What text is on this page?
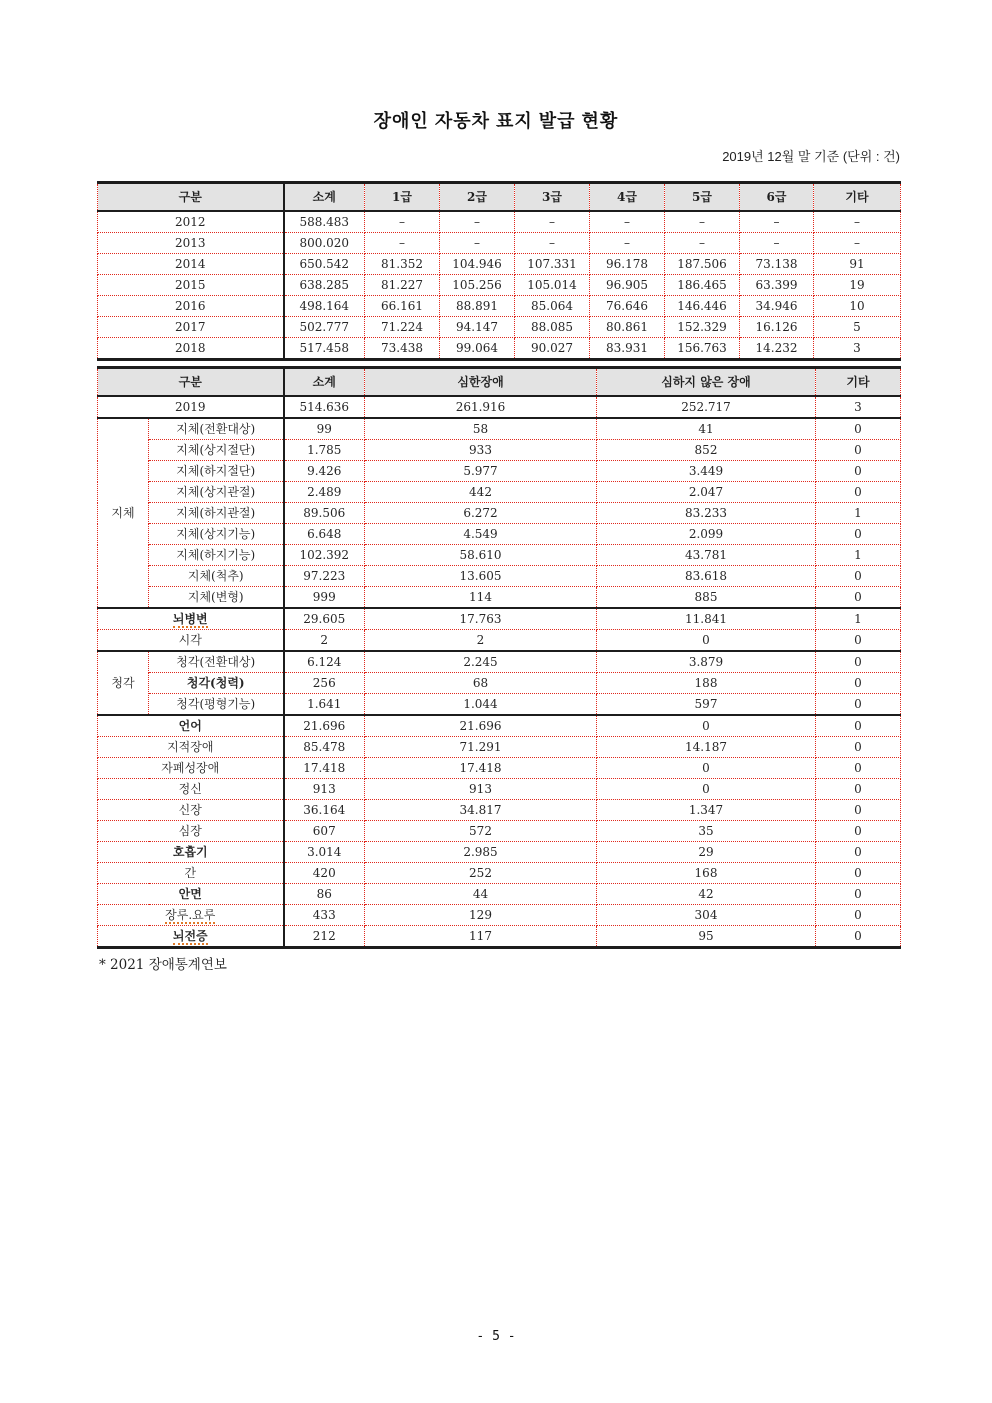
장애인 자동차 표지 발급 현황
2019년 12월 말 기준 (단위 : 건)
구분	소계	1급	2급	3급	4급	5급	6급	기타
2012	588.483	–	–	–	–	–	–	–
2013	800.020	–	–	–	–	–	–	–
2014	650.542	81.352	104.946	107.331	96.178	187.506	73.138	91
2015	638.285	81.227	105.256	105.014	96.905	186.465	63.399	19
2016	498.164	66.161	88.891	85.064	76.646	146.446	34.946	10
2017	502.777	71.224	94.147	88.085	80.861	152.329	16.126	5
2018	517.458	73.438	99.064	90.027	83.931	156.763	14.232	3
구분		소계	심한장애	심하지 않은 장애	기타
2019		514.636	261.916	252.717	3
지체	지체(전환대상)	99	58	41	0
	지체(상지절단)	1.785	933	852	0
	지체(하지절단)	9.426	5.977	3.449	0
	지체(상지관절)	2.489	442	2.047	0
	지체(하지관절)	89.506	6.272	83.233	1
	지체(상지기능)	6.648	4.549	2.099	0
	지체(하지기능)	102.392	58.610	43.781	1
	지체(척추)	97.223	13.605	83.618	0
	지체(변형)	999	114	885	0
뇌병변		29.605	17.763	11.841	1
시각		2	2	0	0
청각	청각(전환대상)	6.124	2.245	3.879	0
	청각(청력)	256	68	188	0
	청각(평형기능)	1.641	1.044	597	0
언어		21.696	21.696	0	0
지적장애		85.478	71.291	14.187	0
자폐성장애		17.418	17.418	0	0
정신		913	913	0	0
신장		36.164	34.817	1.347	0
심장		607	572	35	0
호흡기		3.014	2.985	29	0
간		420	252	168	0
안면		86	44	42	0
장루.요루		433	129	304	0
뇌전증		212	117	95	0
* 2021 장애통계연보
- 5 -
